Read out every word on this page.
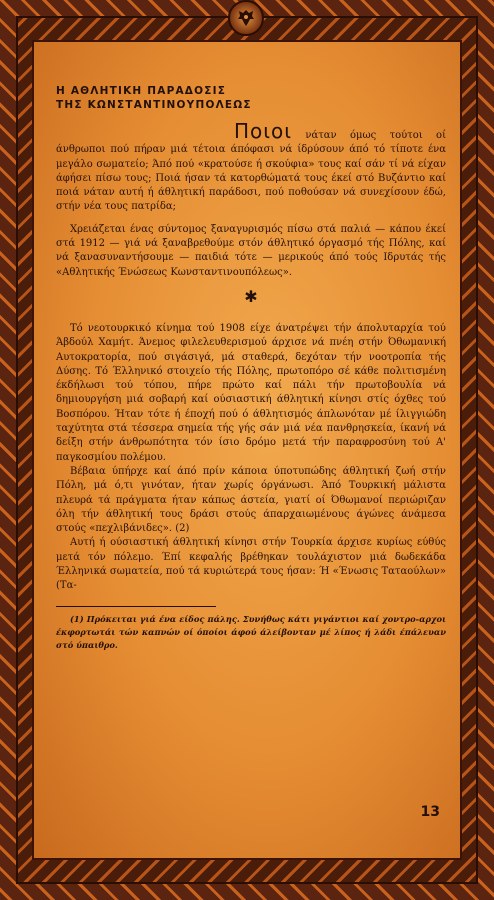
Η ΑΘΛΗΤΙΚΗ ΠΑΡΑΔΟΣΙΣ
ΤΗΣ ΚΩΝΣΤΑΝΤΙΝΟΥΠΟΛΕΩΣ

Ποιοι νάταν όμως τούτοι οί άνθρωποι πού πήραν μιά τέτοια άπόφασι νά ίδρύσουν άπό τό τίποτε ένα μεγάλο σωματείο; Άπό πού «κρατούσε ή σκούφια» τους καί σάν τί νά είχαν άφήσει πίσω τους; Ποιά ήσαν τά κατορθώματά τους έκεί στό Βυζάντιο καί ποιά νάταν αυτή ή άθλητική παράδοσι, πού ποθούσαν νά συνεχίσουν έδώ, στήν νέα τους πατρίδα;

Χρειάζεται ένας σύντομος ξαναγυρισμός πίσω στά παλιά — κάπου έκεί στά 1912 — γιά νά ξαναβρεθούμε στόν άθλητικό όργασμό τής Πόλης, καί νά ξανασυναντήσουμε — παιδιά τότε — μερικούς άπό τούς Ιδρυτάς τής «Αθλητικής Ένώσεως Κωνσταντινουπόλεως».

✱

Τό νεοτουρκικό κίνημα τού 1908 είχε άνατρέψει τήν άπολυταρχία τού Άβδούλ Χαμήτ. Άνεμος φιλελευθερισμού άρχισε νά πνέη στήν Όθωμανική Αυτοκρατορία, πού σιγάσιγά, μά σταθερά, δεχόταν τήν νοοτροπία τής Δύσης. Τό Έλληνικό στοιχείο τής Πόλης, πρωτοπόρο σέ κάθε πολιτισμένη έκδήλωσι τού τόπου, πήρε πρώτο καί πάλι τήν πρωτοβουλία νά δημιουργήση μιά σοβαρή καί ούσιαστική άθλητική κίνησι στίς όχθες τού Βοσπόρου. Ήταν τότε ή έποχή πού ό άθλητισμός άπλωνόταν μέ ίλιγγιώδη ταχύτητα στά τέσσερα σημεία τής γής σάν μιά νέα πανθρησκεία, ίκανή νά δείξη στήν άνθρωπότητα τόν ίσιο δρόμο μετά τήν παραφροσύνη τού Α' παγκοσμίου πολέμου.

Βέβαια ύπήρχε καί άπό πρίν κάποια ύποτυπώδης άθλητική ζωή στήν Πόλη, μά ό,τι γινόταν, ήταν χωρίς όργάνωσι. Άπό Τουρκική μάλιστα πλευρά τά πράγματα ήταν κάπως άστεία, γιατί οί Όθωμανοί περιώριζαν όλη τήν άθλητική τους δράσι στούς άπαρχαιωμένους άγώνες άνάμεσα στούς «πεχλιβάνιδες». (2)

Αυτή ή ούσιαστική άθλητική κίνησι στήν Τουρκία άρχισε κυρίως εύθύς μετά τόν πόλεμο. Έπί κεφαλής βρέθηκαν τουλάχιστον μιά δωδεκάδα Έλληνικά σωματεία, πού τά κυριώτερά τους ήσαν: Ή «Ένωσις Ταταούλων» (Τα-

(1) Πρόκειται γιά ένα είδος πάλης. Συνήθως κάτι γιγάντιοι καί χοντρο-αρχοι έκφορτωτάι τών καπνών οί όποίοι άφού άλείβονταν μέ λίπος ή λάδι έπάλευαν στό ύπαιθρο.

13
